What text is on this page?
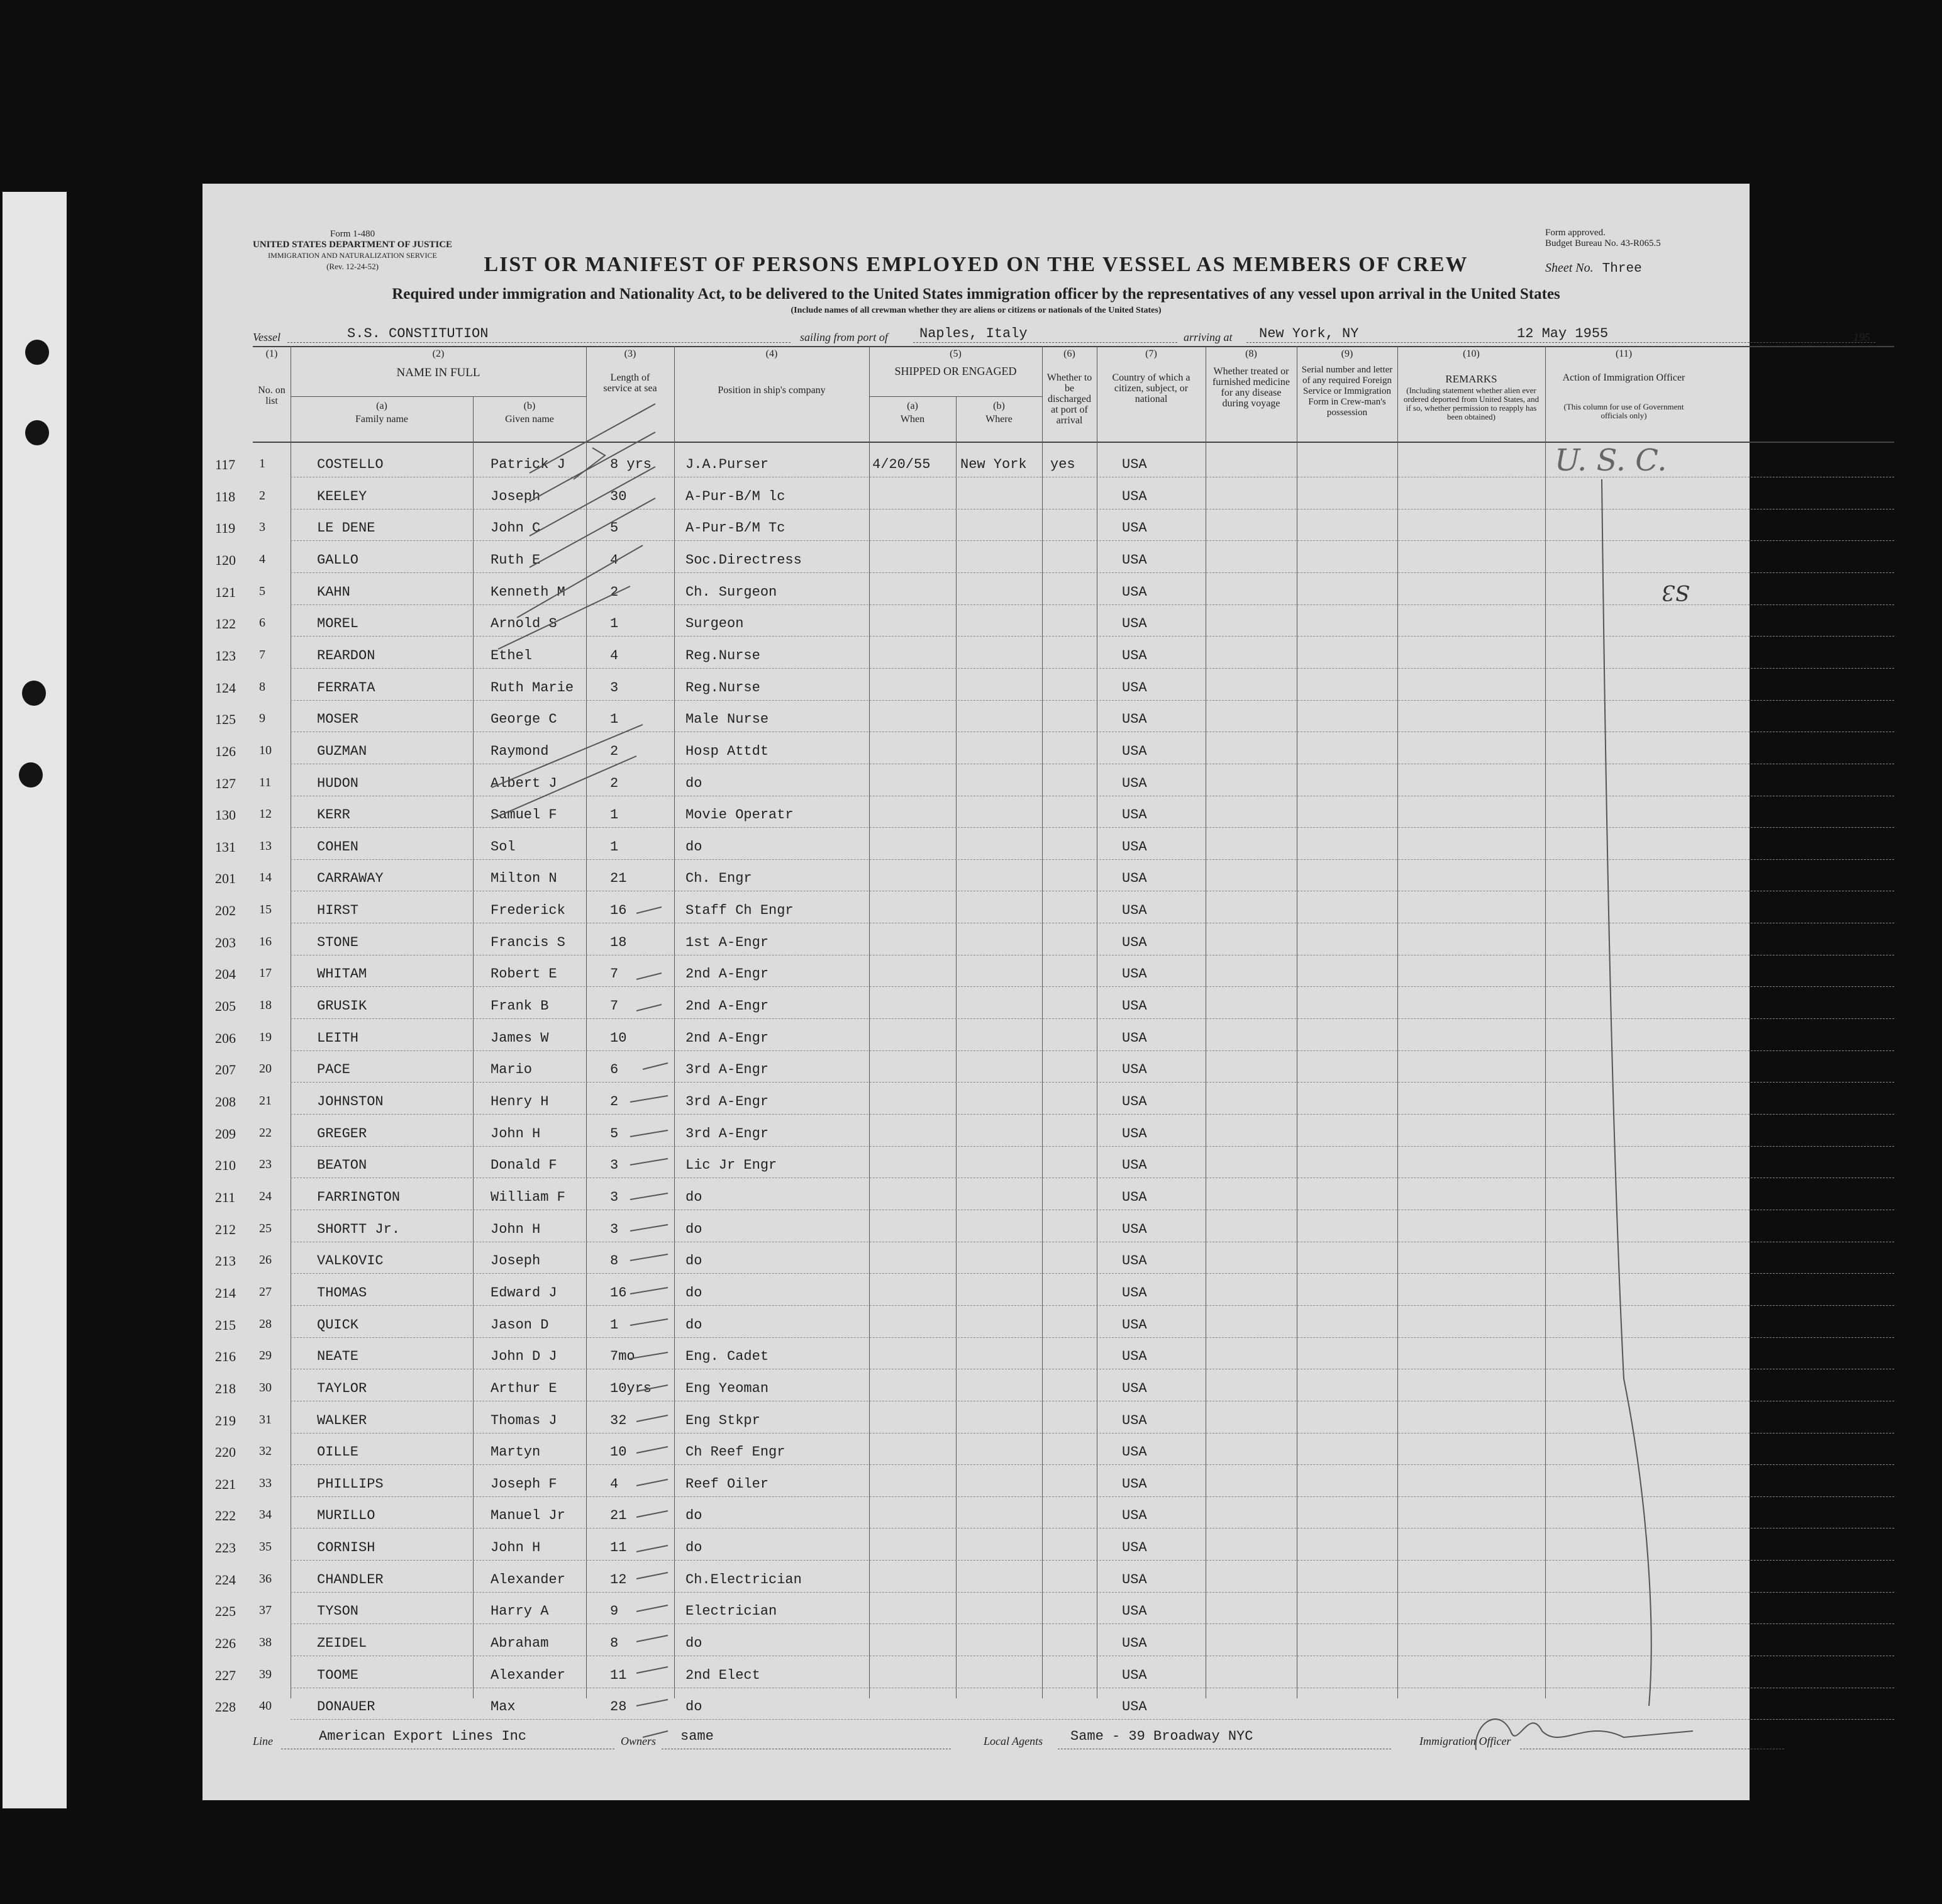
Form 1-480
UNITED STATES DEPARTMENT OF JUSTICE
IMMIGRATION AND NATURALIZATION SERVICE
(Rev. 12-24-52)
Form approved.
Budget Bureau No. 43-R065.5
LIST OR MANIFEST OF PERSONS EMPLOYED ON THE VESSEL AS MEMBERS OF CREW	Sheet No. Three
Required under immigration and Nationality Act, to be delivered to the United States immigration officer by the representatives of any vessel upon arrival in the United States
(Include names of all crewman whether they are aliens or citizens or nationals of the United States)
Vessel	S.S. CONSTITUTION	sailing from port of Naples, Italy	arriving at New York, NY	12 May 1955	195
(1)
No. on list
(2)
NAME IN FULL
(a)
Family name
(b)
Given name
(3)
Length of service at sea
(4)
Position in ship's company
(5)
SHIPPED OR ENGAGED
(a)
When
(b)
Where
(6)
Whether to be discharged at port of arrival
(7)
Country of which a citizen, subject, or national
(8)
Whether treated or furnished medicine for any disease during voyage
(9)
Serial number and letter of any required Foreign Service or Immigration Form in Crew-man's possession
(10)
REMARKS
(Including statement whether alien ever ordered deported from United States, and if so, whether permission to reapply has been obtained)
(11)
Action of Immigration Officer
(This column for use of Government officials only)
117 1	COSTELLO	Patrick J	8 yrs J.A.Purser	4/20/55 New York yes	USA
118 2	KEELEY	Joseph	30	A-Pur-B/M lc	USA
119 3	LE DENE	John C	5	A-Pur-B/M Tc	USA
120 4	GALLO	Ruth E	4	Soc.Directress	USA
121 5	KAHN	Kenneth M	2	Ch. Surgeon	USA
122 6	MOREL	Arnold S	1	Surgeon	USA
123 7	REARDON	Ethel	4	Reg.Nurse	USA
124 8	FERRATA	Ruth Marie	3	Reg.Nurse	USA
125 9	MOSER	George C	1	Male Nurse	USA
126 10	GUZMAN	Raymond	2	Hosp Attdt	USA
127 11	HUDON	Albert J	2	do	USA
130 12	KERR	Samuel F	1	Movie Operatr	USA
131 13	COHEN	Sol	1	do	USA
201 14	CARRAWAY	Milton N	21	Ch. Engr	USA
202 15	HIRST	Frederick	16	Staff Ch Engr	USA
203 16	STONE	Francis S	18	1st A-Engr	USA
204 17	WHITAM	Robert E	7	2nd A-Engr	USA
205 18	GRUSIK	Frank B	7	2nd A-Engr	USA
206 19	LEITH	James W	10	2nd A-Engr	USA
207 20	PACE	Mario	6	3rd A-Engr	USA
208 21	JOHNSTON	Henry H	2	3rd A-Engr	USA
209 22	GREGER	John H	5	3rd A-Engr	USA
210 23	BEATON	Donald F	3	Lic Jr Engr	USA
211 24	FARRINGTON	William F	3	do	USA
212 25	SHORTT Jr.	John H	3	do	USA
213 26	VALKOVIC	Joseph	8	do	USA
214 27	THOMAS	Edward J	16	do	USA
215 28	QUICK	Jason D	1	do	USA
216 29	NEATE	John D J	7mo	Eng. Cadet	USA
218 30	TAYLOR	Arthur E	10yrs Eng Yeoman	USA
219 31	WALKER	Thomas J	32	Eng Stkpr	USA
220 32	OILLE	Martyn	10	Ch Reef Engr	USA
221 33	PHILLIPS	Joseph F	4	Reef Oiler	USA
222 34	MURILLO	Manuel Jr	21	do	USA
223 35	CORNISH	John H	11	do	USA
224 36	CHANDLER	Alexander	12	Ch.Electrician	USA
225 37	TYSON	Harry A	9	Electrician	USA
226 38	ZEIDEL	Abraham	8	do	USA
227 39	TOOME	Alexander	11	2nd Elect	USA
228 40	DONAUER	Max	28	do	USA
U. S. C.
S3
Line	American Export Lines Inc	Owners same	Local Agents Same - 39 Broadway NYC	Immigration Officer
